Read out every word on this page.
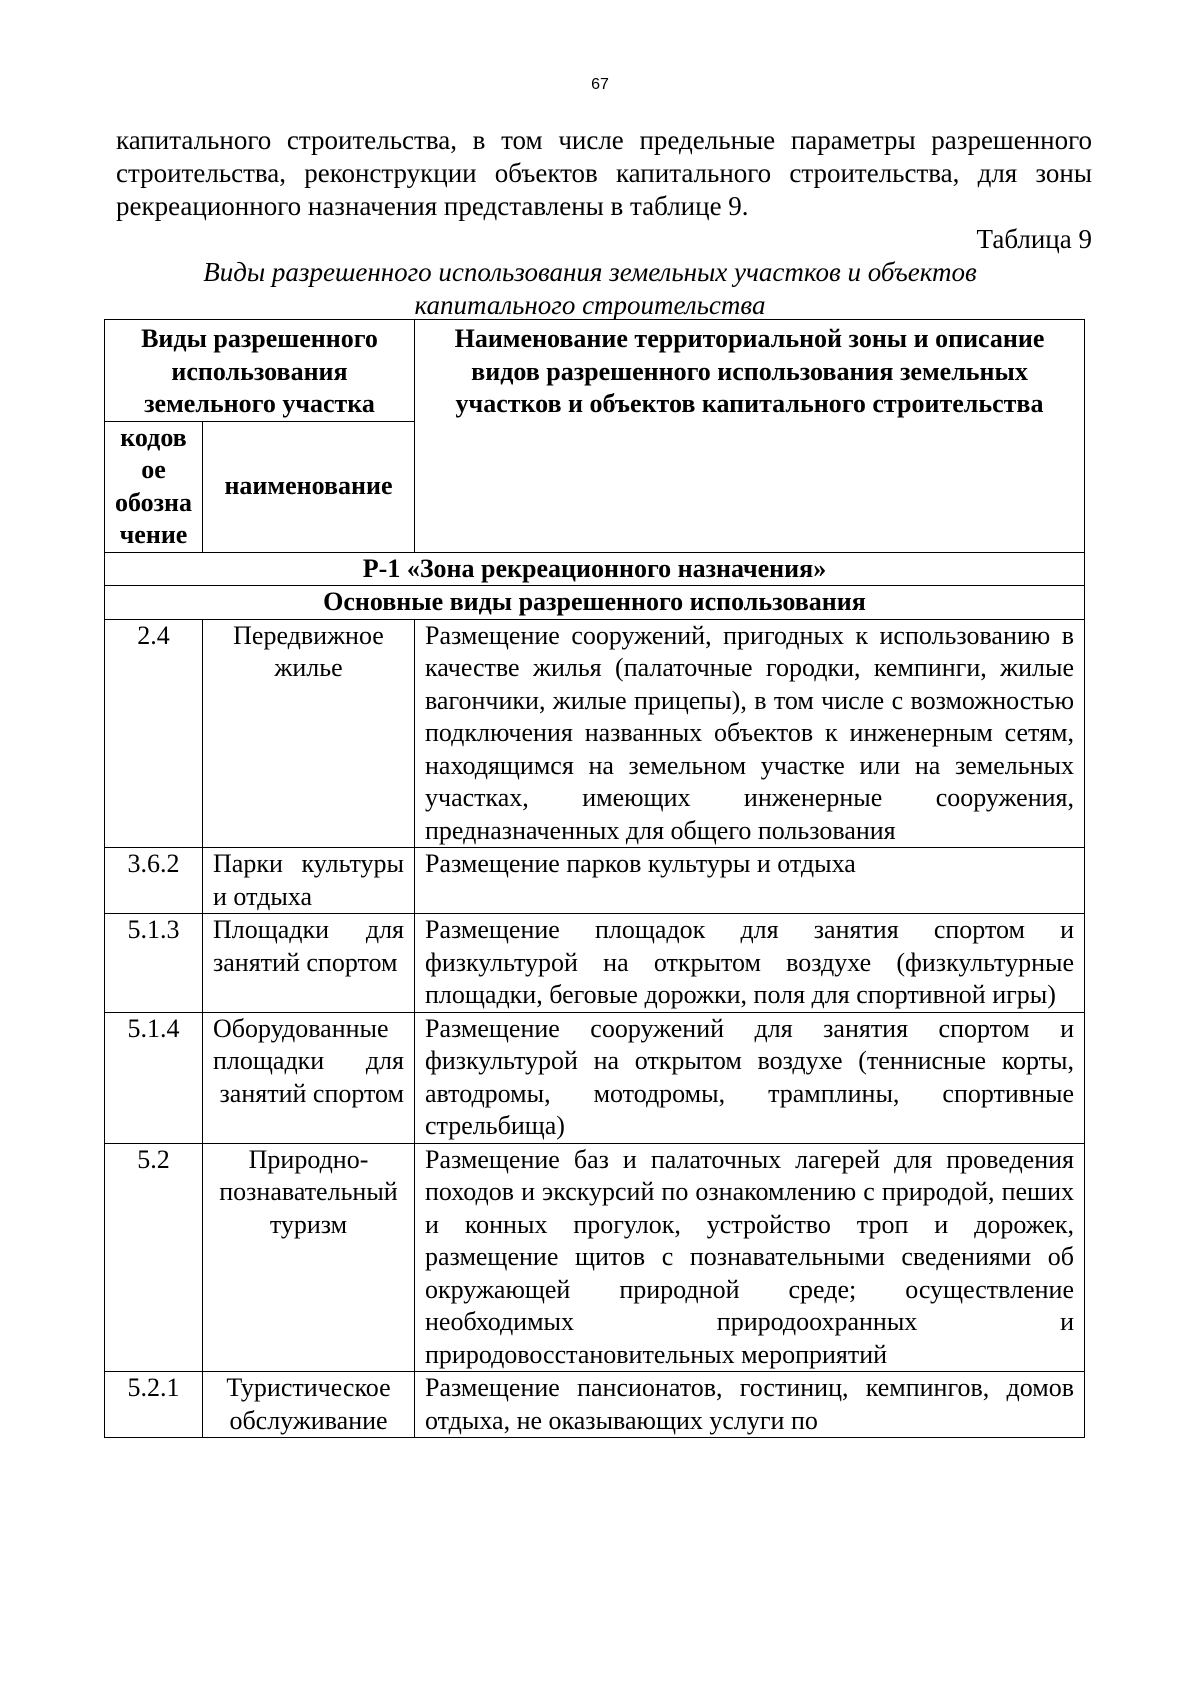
67
капитального строительства, в том числе предельные параметры разрешенного строительства, реконструкции объектов капитального строительства, для зоны рекреационного назначения представлены в таблице 9.
Таблица 9
Виды разрешенного использования земельных участков и объектов капитального строительства
Виды разрешенного использования земельного участка		Наименование территориальной зоны и описание видов разрешенного использования земельных участков и объектов капитального строительства
кодов ое обозна чение	наименование	
Р-1 «Зона рекреационного назначения»		
Основные виды разрешенного использования		
2.4	Передвижное жилье	Размещение сооружений, пригодных к использованию в качестве жилья (палаточные городки, кемпинги, жилые вагончики, жилые прицепы), в том числе с возможностью подключения названных объектов к инженерным сетям, находящимся на земельном участке или на земельных участках, имеющих инженерные сооружения, предназначенных для общего пользования
3.6.2	Парки культуры и отдыха	Размещение парков культуры и отдыха
5.1.3	Площадки для занятий спортом	Размещение площадок для занятия спортом и физкультурой на открытом воздухе (физкультурные площадки, беговые дорожки, поля для спортивной игры)
5.1.4	Оборудованные площадки для занятий спортом	Размещение сооружений для занятия спортом и физкультурой на открытом воздухе (теннисные корты, автодромы, мотодромы, трамплины, спортивные стрельбища)
5.2	Природно-познавательный туризм	Размещение баз и палаточных лагерей для проведения походов и экскурсий по ознакомлению с природой, пеших и конных прогулок, устройство троп и дорожек, размещение щитов с познавательными сведениями об окружающей природной среде; осуществление необходимых природоохранных и природовосстановительных мероприятий
5.2.1	Туристическое обслуживание	Размещение пансионатов, гостиниц, кемпингов, домов отдыха, не оказывающих услуги по
